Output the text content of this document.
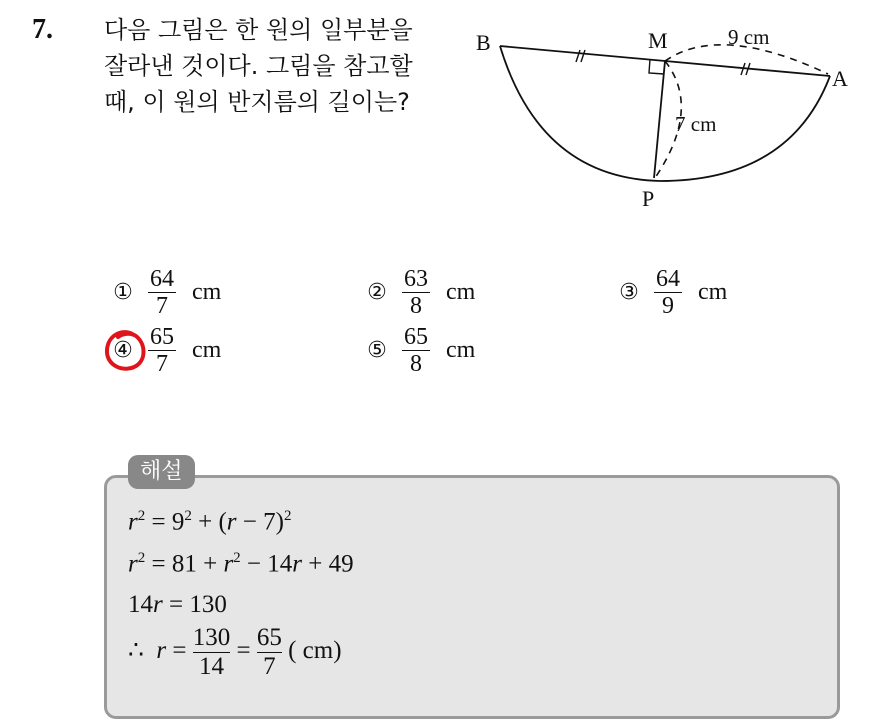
7. 다음 그림은 한 원의 일부분을
잘라낸 것이다. 그림을 참고할
때, 이 원의 반지름의 길이는?
B	M
A
P
9 cm
7 cm
① $\frac{64}{7}$ cm	② $\frac{63}{8}$ cm	③ $\frac{64}{9}$ cm
④ $\frac{65}{7}$ cm	⑤ $\frac{65}{8}$ cm
해설
$r^2 = 9^2 + (r - 7)^2$
$r^2 = 81 + r^2 - 14r + 49$
14r = 130
∴  $r = \frac{130}{14} = \frac{65}{7}$ ( cm)
